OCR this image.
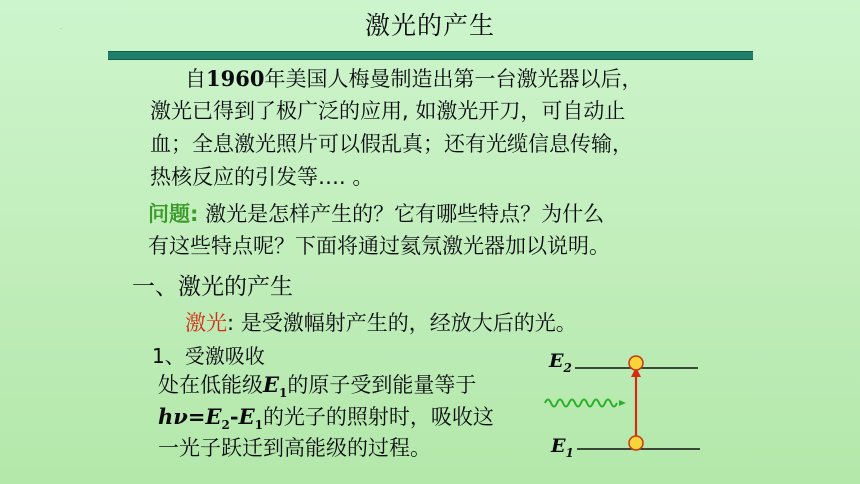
激光的产生
·
自1960年美国人梅曼制造出第一台激光器以后，
激光已得到了极广泛的应用, 如激光开刀，可自动止
血；全息激光照片可以假乱真；还有光缆信息传输，
热核反应的引发等…. 。
问题: 激光是怎样产生的？它有哪些特点？为什么
有这些特点呢？下面将通过氦氖激光器加以说明。
一、激光的产生
激光: 是受激幅射产生的，经放大后的光。
1、受激吸收
处在低能级$E_1$的原子受到能量等于
$h\nu=E_2-E_1$的光子的照射时，吸收这
一光子跃迁到高能级的过程。
$E_2$
$E_1$
